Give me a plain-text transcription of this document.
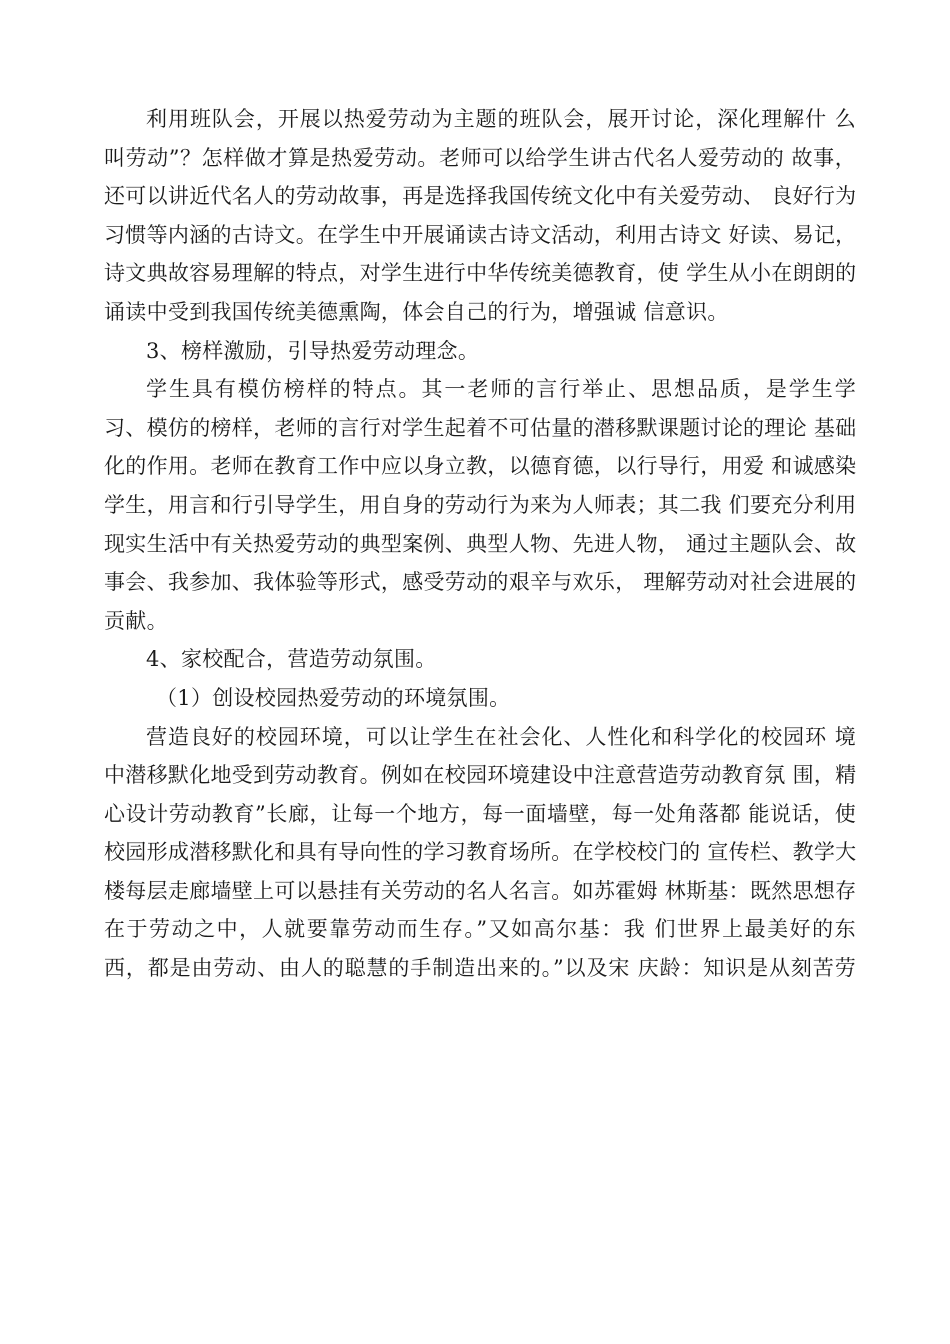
利用班队会，开展以热爱劳动为主题的班队会，展开讨论，深化理解什 么
叫劳动”？怎样做才算是热爱劳动。老师可以给学生讲古代名人爱劳动的 故事，
还可以讲近代名人的劳动故事，再是选择我国传统文化中有关爱劳动、 良好行为
习惯等内涵的古诗文。在学生中开展诵读古诗文活动，利用古诗文 好读、易记，
诗文典故容易理解的特点，对学生进行中华传统美德教育，使 学生从小在朗朗的
诵读中受到我国传统美德熏陶，体会自己的行为，增强诚 信意识。
3、榜样激励，引导热爱劳动理念。
学生具有模仿榜样的特点。其一老师的言行举止、思想品质，是学生学
习、模仿的榜样，老师的言行对学生起着不可估量的潜移默课题讨论的理论 基础
化的作用。老师在教育工作中应以身立教，以德育德，以行导行，用爱 和诚感染
学生，用言和行引导学生，用自身的劳动行为来为人师表；其二我 们要充分利用
现实生活中有关热爱劳动的典型案例、典型人物、先进人物， 通过主题队会、故
事会、我参加、我体验等形式，感受劳动的艰辛与欢乐， 理解劳动对社会进展的
贡献。
4、家校配合，营造劳动氛围。
（1）创设校园热爱劳动的环境氛围。
营造良好的校园环境，可以让学生在社会化、人性化和科学化的校园环 境
中潜移默化地受到劳动教育。例如在校园环境建设中注意营造劳动教育氛 围，精
心设计劳动教育”长廊，让每一个地方，每一面墙壁，每一处角落都 能说话，使
校园形成潜移默化和具有导向性的学习教育场所。在学校校门的 宣传栏、教学大
楼每层走廊墙壁上可以悬挂有关劳动的名人名言。如苏霍姆 林斯基：既然思想存
在于劳动之中，人就要靠劳动而生存。”又如高尔基：我 们世界上最美好的东
西，都是由劳动、由人的聪慧的手制造出来的。”以及宋 庆龄：知识是从刻苦劳
